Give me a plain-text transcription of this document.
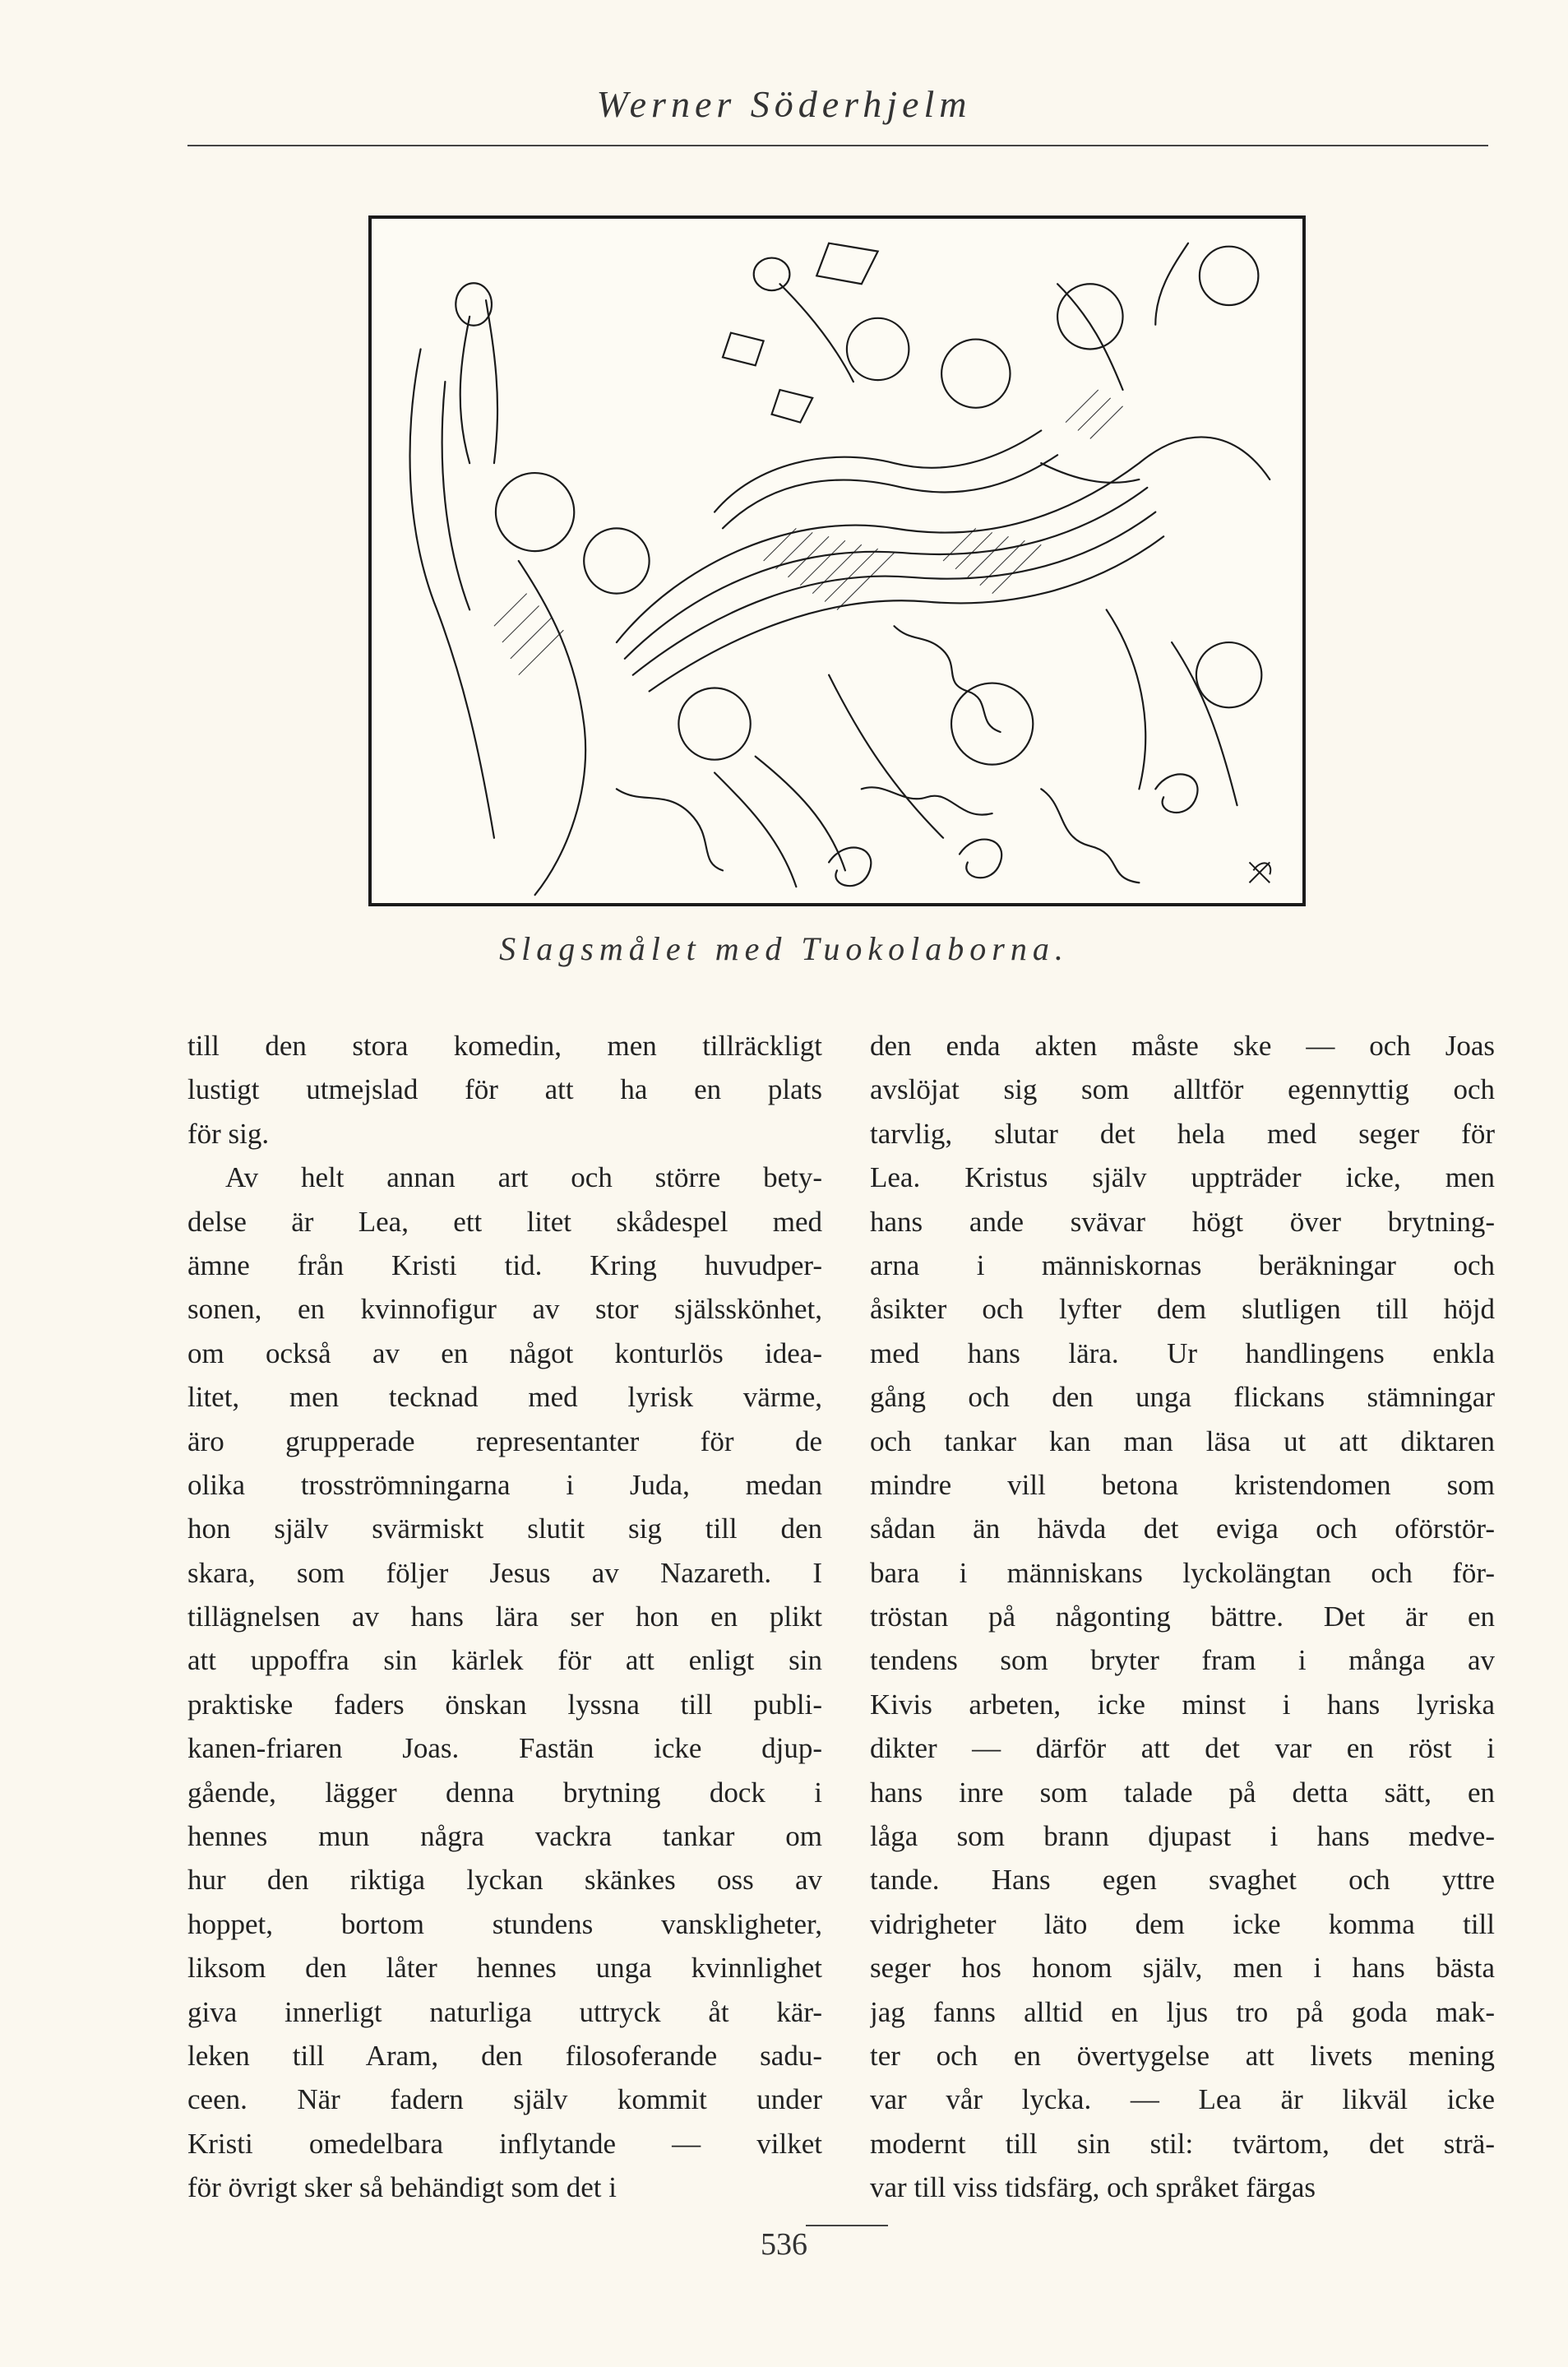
Werner Söderhjelm
Slagsmålet med Tuokolaborna.
till den stora komedin, men tillräckligt
lustigt utmejslad för att ha en plats
för sig.
Av helt annan art och större bety-
delse är Lea, ett litet skådespel med
ämne från Kristi tid. Kring huvudper-
sonen, en kvinnofigur av stor själsskönhet,
om också av en något konturlös idea-
litet, men tecknad med lyrisk värme,
äro grupperade representanter för de
olika trosströmningarna i Juda, medan
hon själv svärmiskt slutit sig till den
skara, som följer Jesus av Nazareth. I
tillägnelsen av hans lära ser hon en plikt
att uppoffra sin kärlek för att enligt sin
praktiske faders önskan lyssna till publi-
kanen-friaren Joas. Fastän icke djup-
gående, lägger denna brytning dock i
hennes mun några vackra tankar om
hur den riktiga lyckan skänkes oss av
hoppet, bortom stundens vanskligheter,
liksom den låter hennes unga kvinnlighet
giva innerligt naturliga uttryck åt kär-
leken till Aram, den filosoferande sadu-
ceen. När fadern själv kommit under
Kristi omedelbara inflytande — vilket
för övrigt sker så behändigt som det i
den enda akten måste ske — och Joas
avslöjat sig som alltför egennyttig och
tarvlig, slutar det hela med seger för
Lea. Kristus själv uppträder icke, men
hans ande svävar högt över brytning-
arna i människornas beräkningar och
åsikter och lyfter dem slutligen till höjd
med hans lära. Ur handlingens enkla
gång och den unga flickans stämningar
och tankar kan man läsa ut att diktaren
mindre vill betona kristendomen som
sådan än hävda det eviga och oförstör-
bara i människans lyckolängtan och för-
tröstan på någonting bättre. Det är en
tendens som bryter fram i många av
Kivis arbeten, icke minst i hans lyriska
dikter — därför att det var en röst i
hans inre som talade på detta sätt, en
låga som brann djupast i hans medve-
tande. Hans egen svaghet och yttre
vidrigheter läto dem icke komma till
seger hos honom själv, men i hans bästa
jag fanns alltid en ljus tro på goda mak-
ter och en övertygelse att livets mening
var vår lycka. — Lea är likväl icke
modernt till sin stil: tvärtom, det strä-
var till viss tidsfärg, och språket färgas
536
